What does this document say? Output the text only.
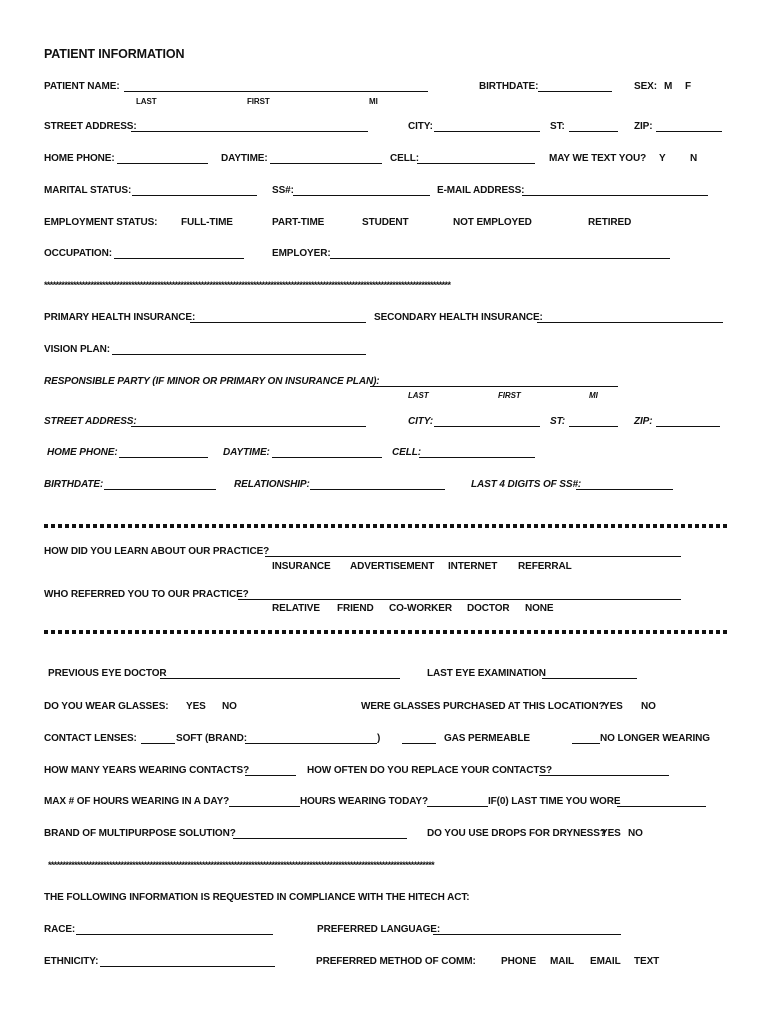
PATIENT INFORMATION
PATIENT NAME:	BIRTHDATE:	SEX: M F
LAST	FIRST	MI
STREET ADDRESS:	CITY:	ST:	ZIP:
HOME PHONE:	DAYTIME:	CELL:	MAY WE TEXT YOU? Y N
MARITAL STATUS:	SS#:	E-MAIL ADDRESS:
EMPLOYMENT STATUS: FULL-TIME	PART-TIME	STUDENT	NOT EMPLOYED	RETIRED
OCCUPATION:	EMPLOYER:
********************************************************************************************************************************************
PRIMARY HEALTH INSURANCE:	SECONDARY HEALTH INSURANCE:
VISION PLAN:
RESPONSIBLE PARTY (IF MINOR OR PRIMARY ON INSURANCE PLAN):
LAST	FIRST	MI
STREET ADDRESS:	CITY:	ST:	ZIP:
HOME PHONE:	DAYTIME:	CELL:
BIRTHDATE:	RELATIONSHIP:	LAST 4 DIGITS OF SS#:
HOW DID YOU LEARN ABOUT OUR PRACTICE?
INSURANCE ADVERTISEMENT INTERNET REFERRAL
WHO REFERRED YOU TO OUR PRACTICE?
RELATIVE FRIEND CO-WORKER DOCTOR NONE
PREVIOUS EYE DOCTOR	LAST EYE EXAMINATION
DO YOU WEAR GLASSES: YES NO	WERE GLASSES PURCHASED AT THIS LOCATION?
YES NO
CONTACT LENSES:	SOFT (BRAND:	)	GAS PERMEABLE	NO LONGER WEARING
HOW MANY YEARS WEARING CONTACTS?	HOW OFTEN DO YOU REPLACE YOUR CONTACTS?
MAX # OF HOURS WEARING IN A DAY?	HOURS WEARING TODAY?	IF(0) LAST TIME YOU WORE
BRAND OF MULTIPURPOSE SOLUTION?	DO YOU USE DROPS FOR DRYNESS?
YES NO
*************************************************************************************************************************************
THE FOLLOWING INFORMATION IS REQUESTED IN COMPLIANCE WITH THE HITECH ACT:
RACE:	PREFERRED LANGUAGE:
ETHNICITY:	PREFERRED METHOD OF COMM:	PHONE MAIL EMAIL TEXT
